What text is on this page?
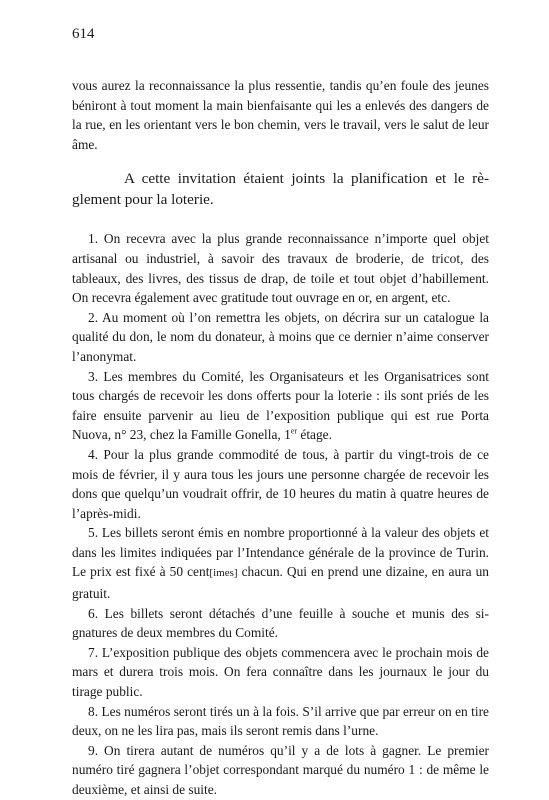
614

vous aurez la reconnaissance la plus ressentie, tandis qu’en foule des jeunes béniront à tout moment la main bienfaisante qui les a enlevés des dangers de la rue, en les orientant vers le bon chemin, vers le travail, vers le salut de leur âme.

A cette invitation étaient joints la planification et le règlement pour la loterie.

1. On recevra avec la plus grande reconnaissance n’importe quel objet artisanal ou industriel, à savoir des travaux de broderie, de tricot, des tableaux, des livres, des tissus de drap, de toile et tout objet d’habillement. On recevra également avec gratitude tout ouvrage en or, en argent, etc.

2. Au moment où l’on remettra les objets, on décrira sur un catalogue la qualité du don, le nom du donateur, à moins que ce dernier n’aime conserver l’anonymat.

3. Les membres du Comité, les Organisateurs et les Organisatrices sont tous chargés de recevoir les dons offerts pour la loterie : ils sont priés de les faire ensuite parvenir au lieu de l’exposition publique qui est rue Porta Nuova, n° 23, chez la Famille Gonella, 1er étage.

4. Pour la plus grande commodité de tous, à partir du vingt-trois de ce mois de février, il y aura tous les jours une personne chargée de recevoir les dons que quelqu’un voudrait offrir, de 10 heures du matin à quatre heures de l’après-midi.

5. Les billets seront émis en nombre proportionné à la valeur des objets et dans les limites indiquées par l’Intendance générale de la province de Turin. Le prix est fixé à 50 cent[imes] chacun. Qui en prend une dizaine, en aura un gratuit.

6. Les billets seront détachés d’une feuille à souche et munis des signatures de deux membres du Comité.

7. L’exposition publique des objets commencera avec le prochain mois de mars et durera trois mois. On fera connaître dans les journaux le jour du tirage public.

8. Les numéros seront tirés un à la fois. S’il arrive que par erreur on en tire deux, on ne les lira pas, mais ils seront remis dans l’urne.

9. On tirera autant de numéros qu’il y a de lots à gagner. Le premier numéro tiré gagnera l’objet correspondant marqué du numéro 1 : de même le deuxième, et ainsi de suite.
